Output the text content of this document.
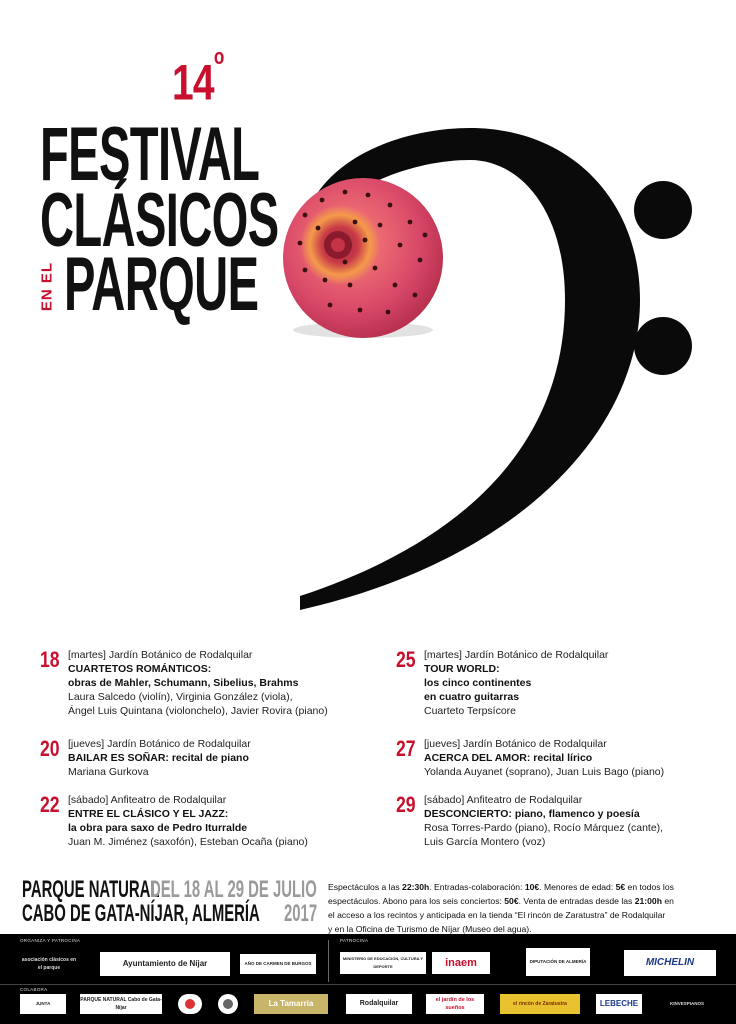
14$^o$
FESTIVAL
CLÁSICOS
EN EL PARQUE
18 [martes] Jardín Botánico de Rodalquilar
CUARTETOS ROMÁNTICOS:
obras de Mahler, Schumann, Sibelius, Brahms
Laura Salcedo (violín), Virginia González (viola),
Ángel Luis Quintana (violonchelo), Javier Rovira (piano)
20 [jueves] Jardín Botánico de Rodalquilar
BAILAR ES SOÑAR: recital de piano
Mariana Gurkova
22 [sábado] Anfiteatro de Rodalquilar
ENTRE EL CLÁSICO Y EL JAZZ:
la obra para saxo de Pedro Iturralde
Juan M. Jiménez (saxofón), Esteban Ocaña (piano)
25 [martes] Jardín Botánico de Rodalquilar
TOUR WORLD:
los cinco continentes
en cuatro guitarras
Cuarteto Terpsícore
27 [jueves] Jardín Botánico de Rodalquilar
ACERCA DEL AMOR: recital lírico
Yolanda Auyanet (soprano), Juan Luis Bago (piano)
29 [sábado] Anfiteatro de Rodalquilar
DESCONCIERTO: piano, flamenco y poesía
Rosa Torres-Pardo (piano), Rocío Márquez (cante),
Luis García Montero (voz)
PARQUE NATURAL
DEL 18 AL 29 DE JULIO
CABO DE GATA-NÍJAR, ALMERÍA 2017
Espectáculos a las 22:30h. Entradas-colaboración: 10€. Menores de edad: 5€ en todos los
espectáculos. Abono para los seis conciertos: 50€. Venta de entradas desde las 21:00h en
el acceso a los recintos y anticipada en la tienda “El rincón de Zaratustra” de Rodalquilar
y en la Oficina de Turismo de Níjar (Museo del agua).
ORGANIZA Y PATROCINA	PATROCINA
COLABORA
asociación clásicos en el parque	Ayuntamiento de Níjar	AÑO DE CARMEN DE BURGOS
MINISTERIO DE EDUCACIÓN, CULTURA Y DEPORTE	inaem	DIPUTACIÓN DE ALMERÍA	MICHELIN
JUNTA
PARQUE NATURAL Cabo de Gata-Níjar	La Tamarria	Rodalquilar	el jardín de los sueños
el rincón de Zaratustra	LEBECHE	KINVESPIANOS
